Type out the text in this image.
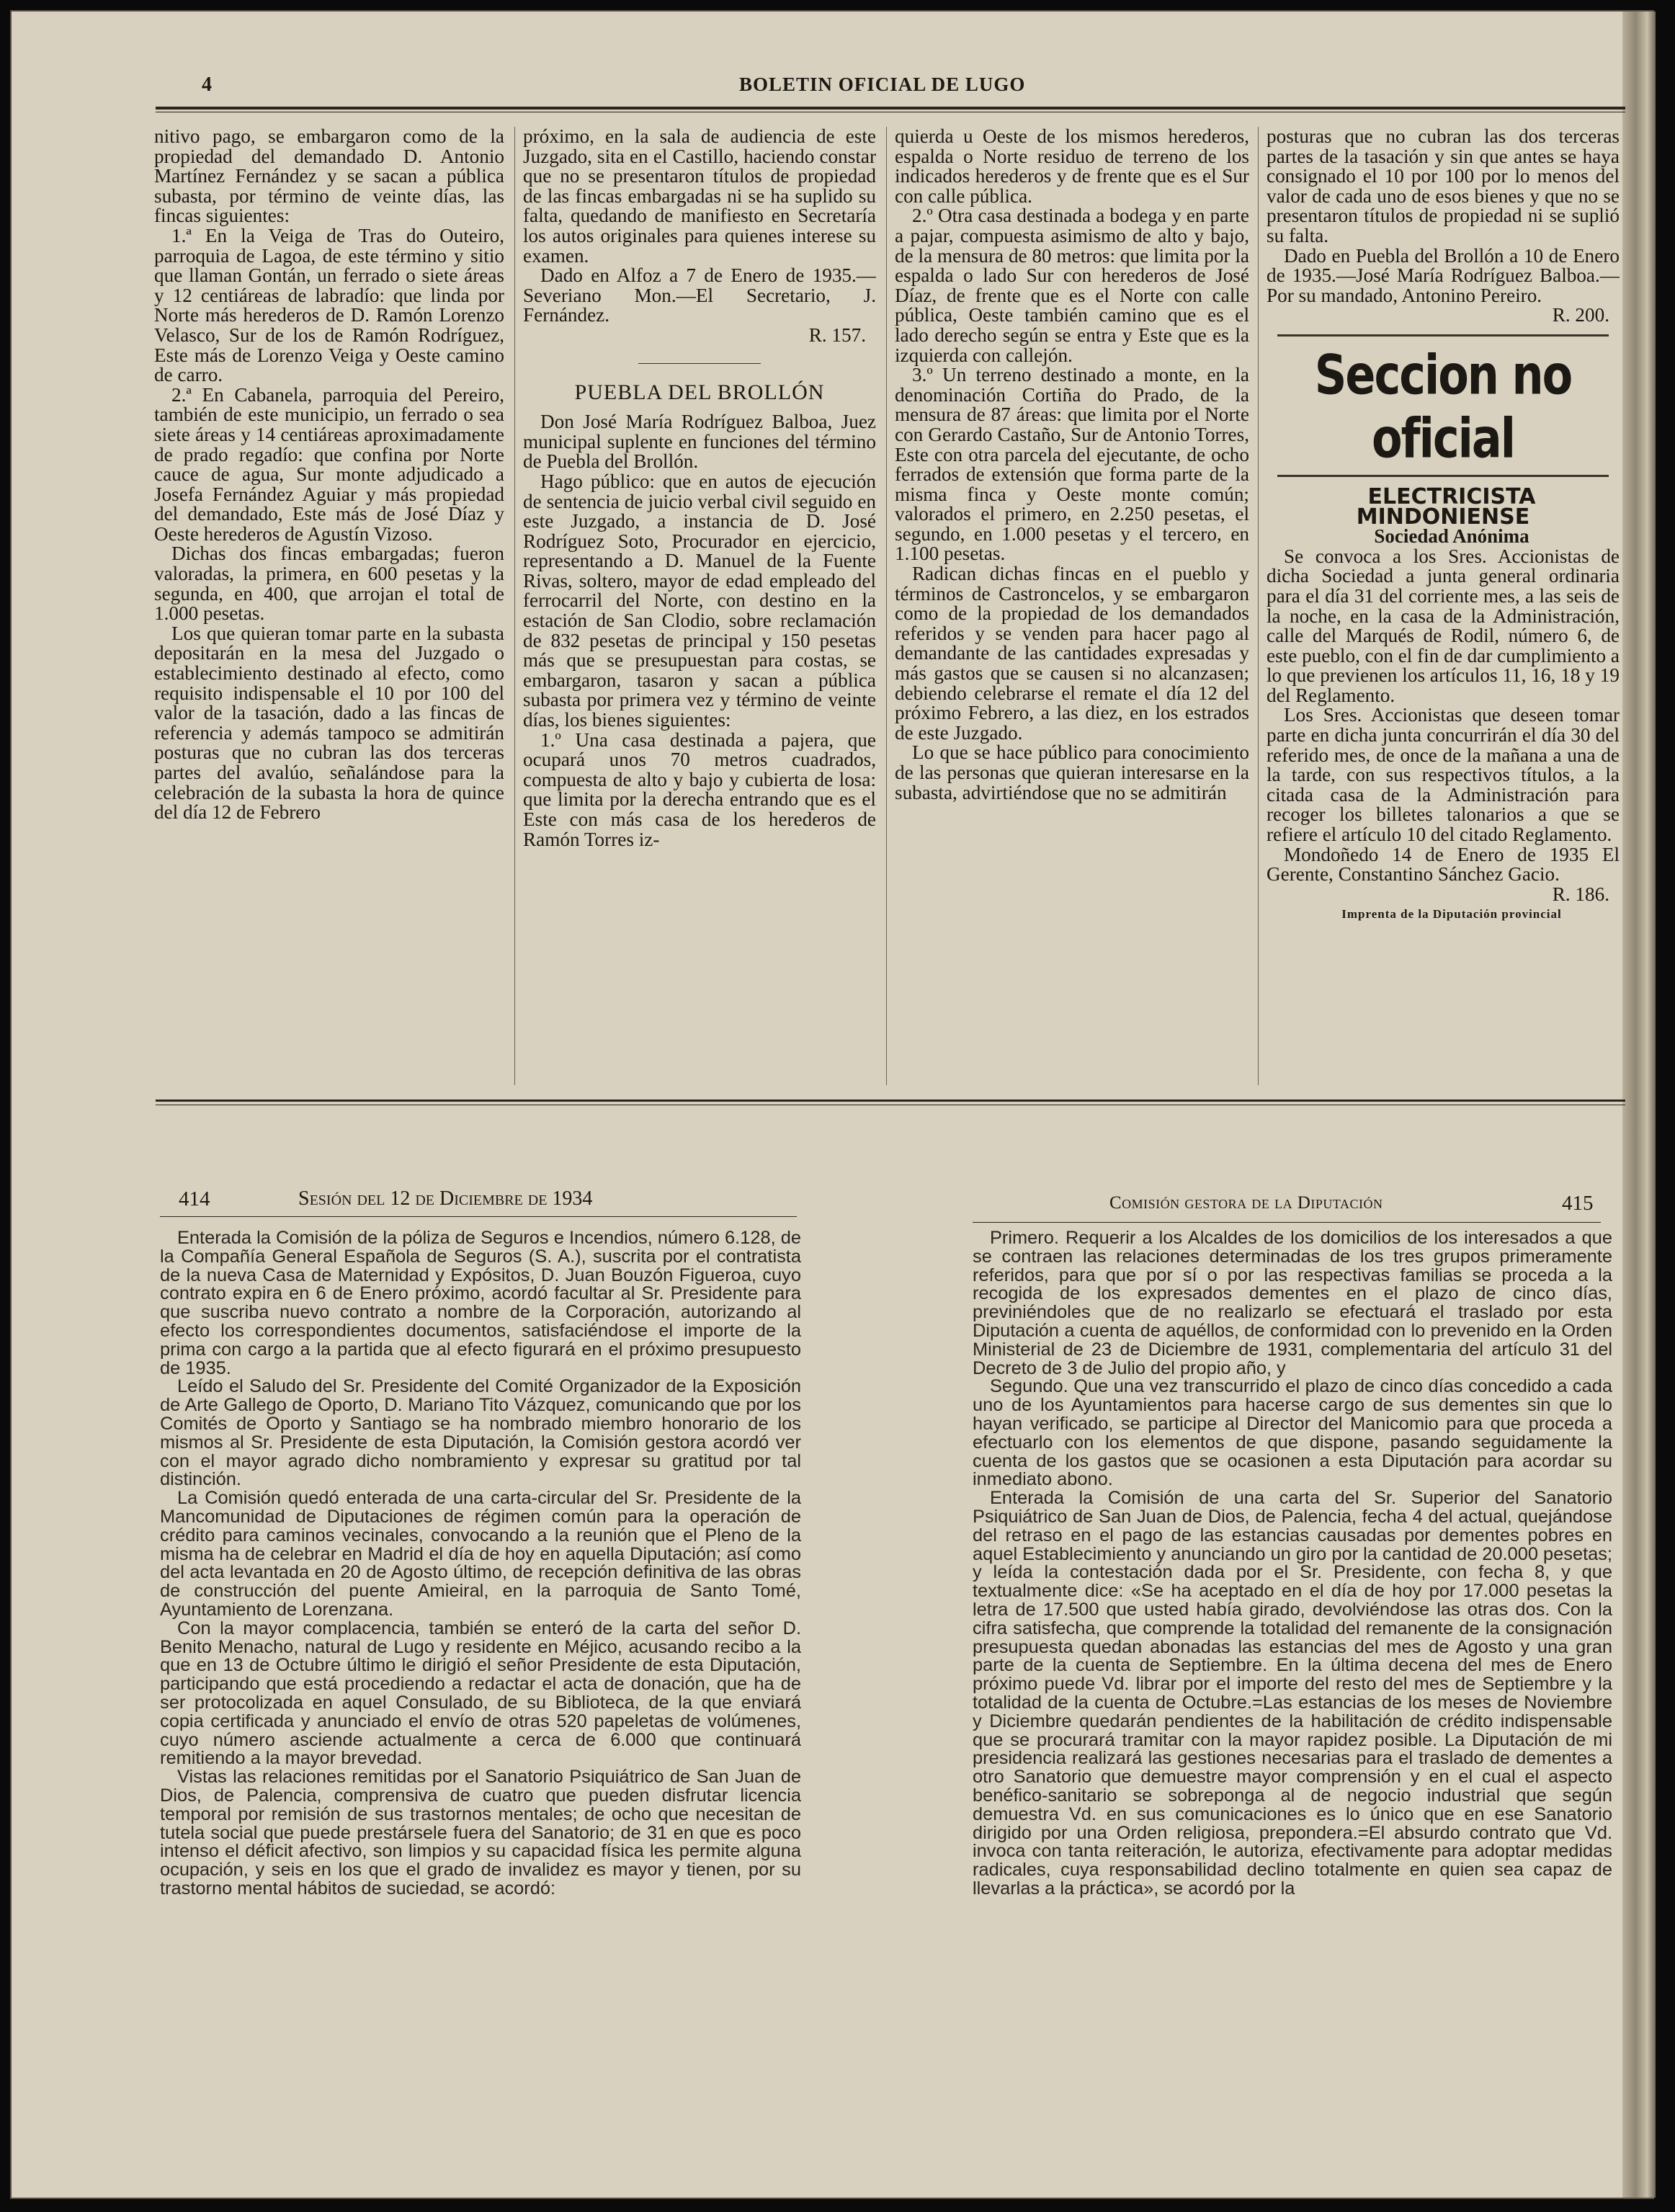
4	BOLETIN OFICIAL DE LUGO

nitivo pago, se embargaron como de la propiedad del demandado D. Antonio Martínez Fernández y se sacan a pública subasta, por término de veinte días, las fincas siguientes:

1.ª En la Veiga de Tras do Outeiro, parroquia de Lagoa, de este término y sitio que llaman Gontán, un ferrado o siete áreas y 12 centiáreas de labradío: que linda por Norte más herederos de D. Ramón Lorenzo Velasco, Sur de los de Ramón Rodríguez, Este más de Lorenzo Veiga y Oeste camino de carro.

2.ª En Cabanela, parroquia del Pereiro, también de este municipio, un ferrado o sea siete áreas y 14 centiáreas aproximadamente de prado regadío: que confina por Norte cauce de agua, Sur monte adjudicado a Josefa Fernández Aguiar y más propiedad del demandado, Este más de José Díaz y Oeste herederos de Agustín Vizoso.

Dichas dos fincas embargadas; fueron valoradas, la primera, en 600 pesetas y la segunda, en 400, que arrojan el total de 1.000 pesetas.

Los que quieran tomar parte en la subasta depositarán en la mesa del Juzgado o establecimiento destinado al efecto, como requisito indispensable el 10 por 100 del valor de la tasación, dado a las fincas de referencia y además tampoco se admitirán posturas que no cubran las dos terceras partes del avalúo, señalándose para la celebración de la subasta la hora de quince del día 12 de Febrero

próximo, en la sala de audiencia de este Juzgado, sita en el Castillo, haciendo constar que no se presentaron títulos de propiedad de las fincas embargadas ni se ha suplido su falta, quedando de manifiesto en Secretaría los autos originales para quienes interese su examen.

Dado en Alfoz a 7 de Enero de 1935.—Severiano Mon.—El Secretario, J. Fernández.

R. 157.

PUEBLA DEL BROLLÓN

Don José María Rodríguez Balboa, Juez municipal suplente en funciones del término de Puebla del Brollón.

Hago público: que en autos de ejecución de sentencia de juicio verbal civil seguido en este Juzgado, a instancia de D. José Rodríguez Soto, Procurador en ejercicio, representando a D. Manuel de la Fuente Rivas, soltero, mayor de edad empleado del ferrocarril del Norte, con destino en la estación de San Clodio, sobre reclamación de 832 pesetas de principal y 150 pesetas más que se presupuestan para costas, se embargaron, tasaron y sacan a pública subasta por primera vez y término de veinte días, los bienes siguientes:

1.º Una casa destinada a pajera, que ocupará unos 70 metros cuadrados, compuesta de alto y bajo y cubierta de losa: que limita por la derecha entrando que es el Este con más casa de los herederos de Ramón Torres iz-

quierda u Oeste de los mismos herederos, espalda o Norte residuo de terreno de los indicados herederos y de frente que es el Sur con calle pública.

2.º Otra casa destinada a bodega y en parte a pajar, compuesta asimismo de alto y bajo, de la mensura de 80 metros: que limita por la espalda o lado Sur con herederos de José Díaz, de frente que es el Norte con calle pública, Oeste también camino que es el lado derecho según se entra y Este que es la izquierda con callejón.

3.º Un terreno destinado a monte, en la denominación Cortiña do Prado, de la mensura de 87 áreas: que limita por el Norte con Gerardo Castaño, Sur de Antonio Torres, Este con otra parcela del ejecutante, de ocho ferrados de extensión que forma parte de la misma finca y Oeste monte común; valorados el primero, en 2.250 pesetas, el segundo, en 1.000 pesetas y el tercero, en 1.100 pesetas.

Radican dichas fincas en el pueblo y términos de Castroncelos, y se embargaron como de la propiedad de los demandados referidos y se venden para hacer pago al demandante de las cantidades expresadas y más gastos que se causen si no alcanzasen; debiendo celebrarse el remate el día 12 del próximo Febrero, a las diez, en los estrados de este Juzgado.

Lo que se hace público para conocimiento de las personas que quieran interesarse en la subasta, advirtiéndose que no se admitirán

posturas que no cubran las dos terceras partes de la tasación y sin que antes se haya consignado el 10 por 100 por lo menos del valor de cada uno de esos bienes y que no se presentaron títulos de propiedad ni se suplió su falta.

Dado en Puebla del Brollón a 10 de Enero de 1935.—José María Rodríguez Balboa.—Por su mandado, Antonino Pereiro.

R. 200.

Seccion no oficial

ELECTRICISTA MINDONIENSE

Sociedad Anónima

Se convoca a los Sres. Accionistas de dicha Sociedad a junta general ordinaria para el día 31 del corriente mes, a las seis de la noche, en la casa de la Administración, calle del Marqués de Rodil, número 6, de este pueblo, con el fin de dar cumplimiento a lo que previenen los artículos 11, 16, 18 y 19 del Reglamento.

Los Sres. Accionistas que deseen tomar parte en dicha junta concurrirán el día 30 del referido mes, de once de la mañana a una de la tarde, con sus respectivos títulos, a la citada casa de la Administración para recoger los billetes talonarios a que se refiere el artículo 10 del citado Reglamento.

Mondoñedo 14 de Enero de 1935 El Gerente, Constantino Sánchez Gacio.

R. 186.

Imprenta de la Diputación provincial

414	Sesión del 12 de Diciembre de 1934	Comisión gestora de la Diputación	415

Enterada la Comisión de la póliza de Seguros e Incendios, número 6.128, de la Compañía General Española de Seguros (S. A.), suscrita por el contratista de la nueva Casa de Maternidad y Expósitos, D. Juan Bouzón Figueroa, cuyo contrato expira en 6 de Enero próximo, acordó facultar al Sr. Presidente para que suscriba nuevo contrato a nombre de la Corporación, autorizando al efecto los correspondientes documentos, satisfaciéndose el importe de la prima con cargo a la partida que al efecto figurará en el próximo presupuesto de 1935.

Leído el Saludo del Sr. Presidente del Comité Organizador de la Exposición de Arte Gallego de Oporto, D. Mariano Tito Vázquez, comunicando que por los Comités de Oporto y Santiago se ha nombrado miembro honorario de los mismos al Sr. Presidente de esta Diputación, la Comisión gestora acordó ver con el mayor agrado dicho nombramiento y expresar su gratitud por tal distinción.

La Comisión quedó enterada de una carta-circular del Sr. Presidente de la Mancomunidad de Diputaciones de régimen común para la operación de crédito para caminos vecinales, convocando a la reunión que el Pleno de la misma ha de celebrar en Madrid el día de hoy en aquella Diputación; así como del acta levantada en 20 de Agosto último, de recepción definitiva de las obras de construcción del puente Amieiral, en la parroquia de Santo Tomé, Ayuntamiento de Lorenzana.

Con la mayor complacencia, también se enteró de la carta del señor D. Benito Menacho, natural de Lugo y residente en Méjico, acusando recibo a la que en 13 de Octubre último le dirigió el señor Presidente de esta Diputación, participando que está procediendo a redactar el acta de donación, que ha de ser protocolizada en aquel Consulado, de su Biblioteca, de la que enviará copia certificada y anunciado el envío de otras 520 papeletas de volúmenes, cuyo número asciende actualmente a cerca de 6.000 que continuará remitiendo a la mayor brevedad.

Vistas las relaciones remitidas por el Sanatorio Psiquiátrico de San Juan de Dios, de Palencia, comprensiva de cuatro que pueden disfrutar licencia temporal por remisión de sus trastornos mentales; de ocho que necesitan de tutela social que puede prestársele fuera del Sanatorio; de 31 en que es poco intenso el déficit afectivo, son limpios y su capacidad física les permite alguna ocupación, y seis en los que el grado de invalidez es mayor y tienen, por su trastorno mental hábitos de suciedad, se acordó:

Primero. Requerir a los Alcaldes de los domicilios de los interesados a que se contraen las relaciones determinadas de los tres grupos primeramente referidos, para que por sí o por las respectivas familias se proceda a la recogida de los expresados dementes en el plazo de cinco días, previniéndoles que de no realizarlo se efectuará el traslado por esta Diputación a cuenta de aquéllos, de conformidad con lo prevenido en la Orden Ministerial de 23 de Diciembre de 1931, complementaria del artículo 31 del Decreto de 3 de Julio del propio año, y

Segundo. Que una vez transcurrido el plazo de cinco días concedido a cada uno de los Ayuntamientos para hacerse cargo de sus dementes sin que lo hayan verificado, se participe al Director del Manicomio para que proceda a efectuarlo con los elementos de que dispone, pasando seguidamente la cuenta de los gastos que se ocasionen a esta Diputación para acordar su inmediato abono.

Enterada la Comisión de una carta del Sr. Superior del Sanatorio Psiquiátrico de San Juan de Dios, de Palencia, fecha 4 del actual, quejándose del retraso en el pago de las estancias causadas por dementes pobres en aquel Establecimiento y anunciando un giro por la cantidad de 20.000 pesetas; y leída la contestación dada por el Sr. Presidente, con fecha 8, y que textualmente dice: «Se ha aceptado en el día de hoy por 17.000 pesetas la letra de 17.500 que usted había girado, devolviéndose las otras dos. Con la cifra satisfecha, que comprende la totalidad del remanente de la consignación presupuesta quedan abonadas las estancias del mes de Agosto y una gran parte de la cuenta de Septiembre. En la última decena del mes de Enero próximo puede Vd. librar por el importe del resto del mes de Septiembre y la totalidad de la cuenta de Octubre.=Las estancias de los meses de Noviembre y Diciembre quedarán pendientes de la habilitación de crédito indispensable que se procurará tramitar con la mayor rapidez posible. La Diputación de mi presidencia realizará las gestiones necesarias para el traslado de dementes a otro Sanatorio que demuestre mayor comprensión y en el cual el aspecto benéfico-sanitario se sobreponga al de negocio industrial que según demuestra Vd. en sus comunicaciones es lo único que en ese Sanatorio dirigido por una Orden religiosa, prepondera.=El absurdo contrato que Vd. invoca con tanta reiteración, le autoriza, efectivamente para adoptar medidas radicales, cuya responsabilidad declino totalmente en quien sea capaz de llevarlas a la práctica», se acordó por la
